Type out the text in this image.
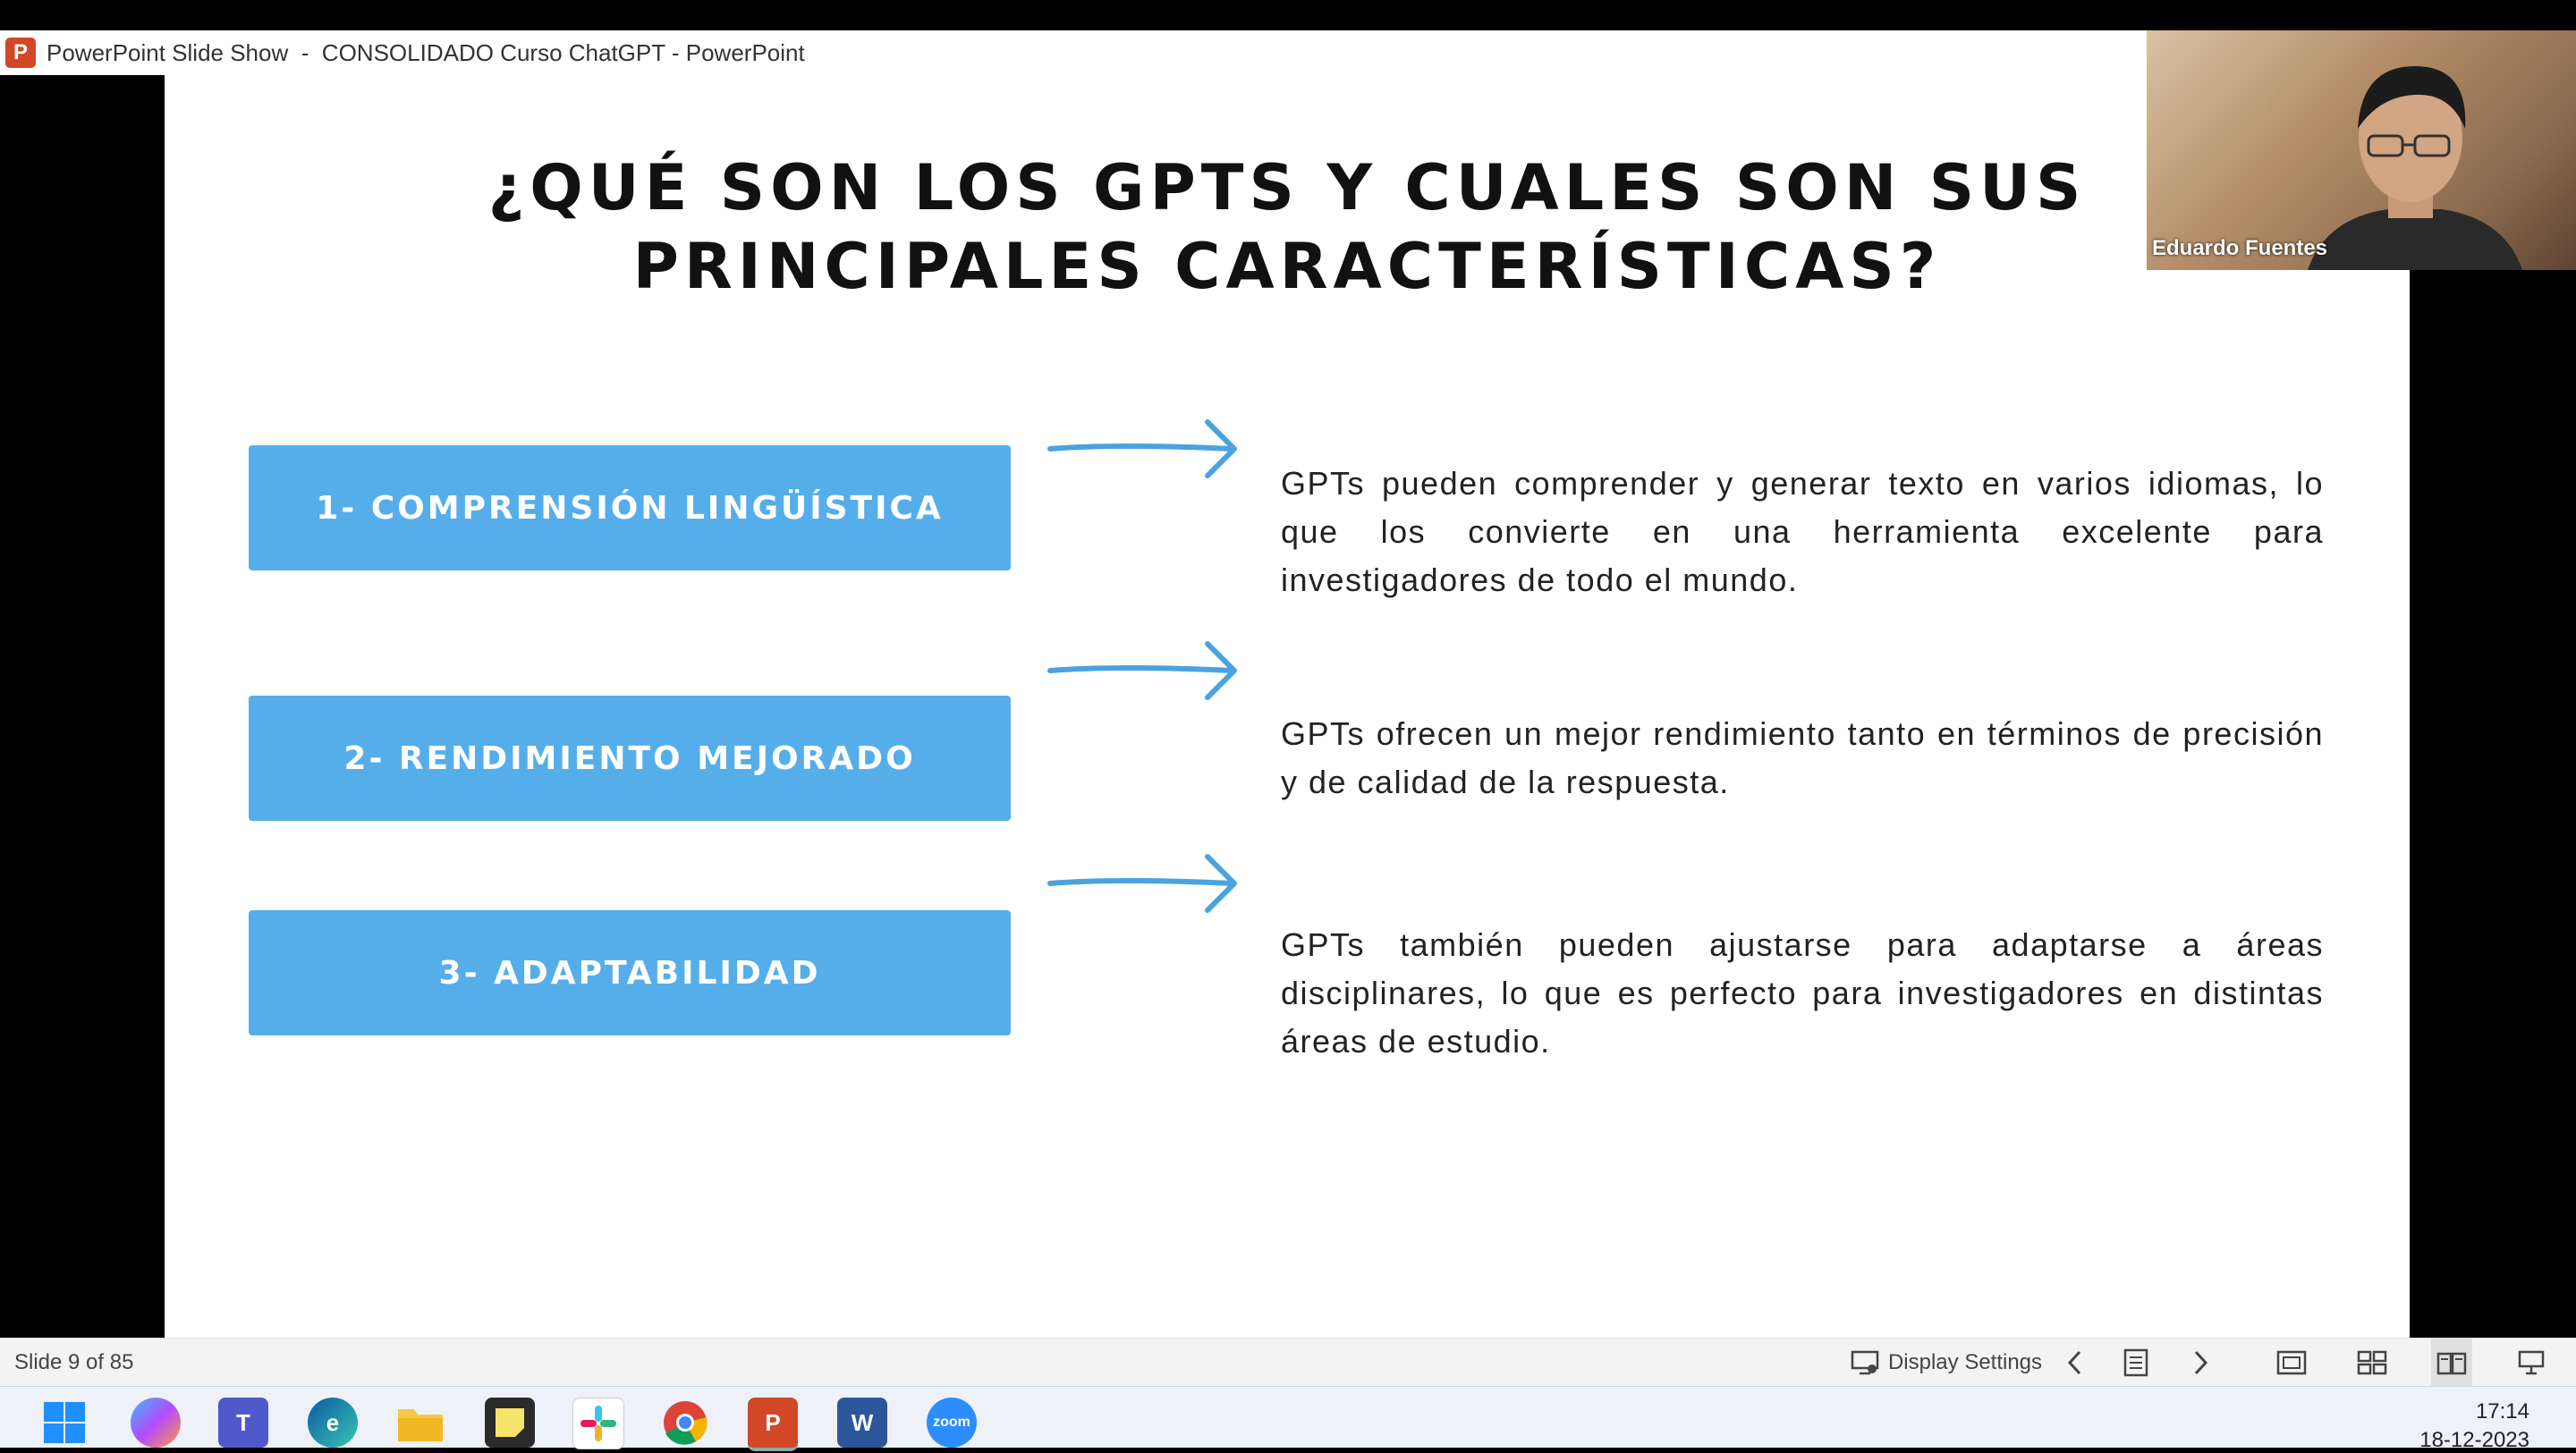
P PowerPoint Slide Show  -  CONSOLIDADO Curso ChatGPT - PowerPoint
¿QUÉ SON LOS GPTS Y CUALES SON SUS
PRINCIPALES CARACTERÍSTICAS?
1- COMPRENSIÓN LINGÜÍSTICA
GPTs pueden comprender y generar texto en varios idiomas, lo que los convierte en una herramienta excelente para investigadores de todo el mundo.
2- RENDIMIENTO MEJORADO
GPTs ofrecen un mejor rendimiento tanto en términos de precisión y de calidad de la respuesta.
3- ADAPTABILIDAD
GPTs también pueden ajustarse para adaptarse a áreas disciplinares, lo que es perfecto para investigadores en distintas áreas de estudio.
Eduardo Fuentes
Slide 9 of 85	Display Settings
T	e	P	W	zoom	17:14
18-12-2023
